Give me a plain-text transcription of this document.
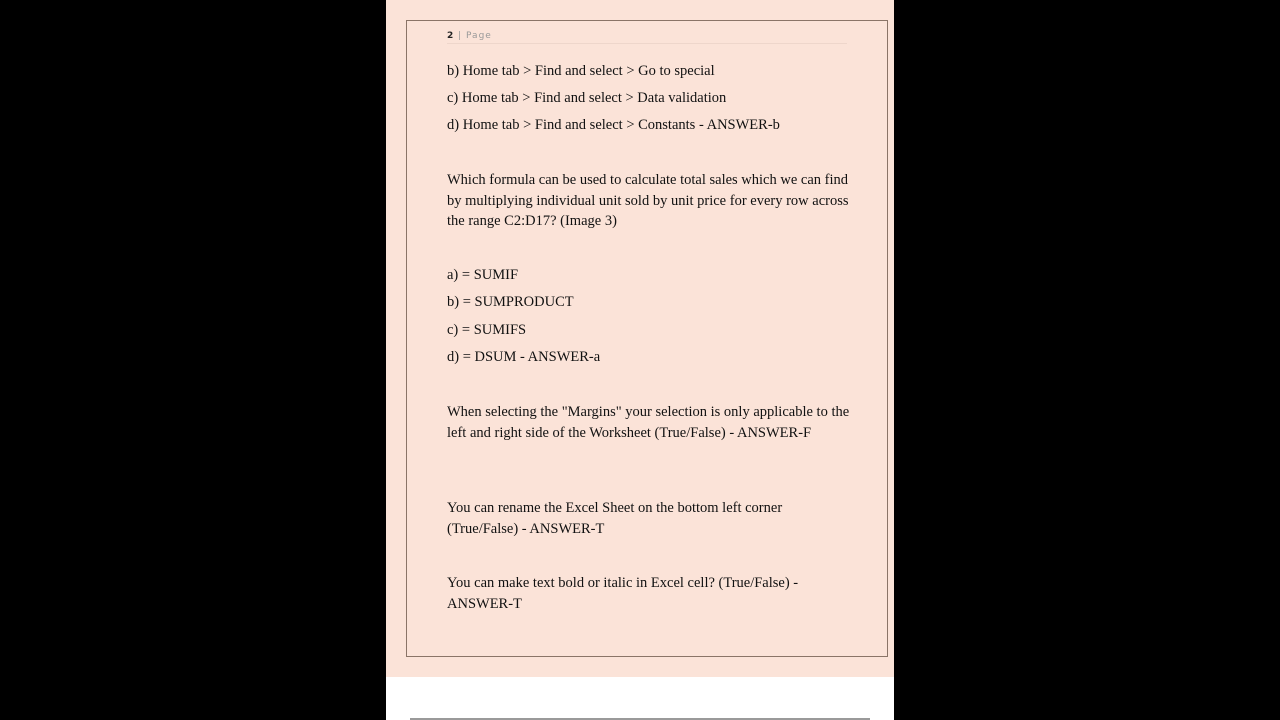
2 | Page
b) Home tab > Find and select > Go to special
c) Home tab > Find and select > Data validation
d) Home tab > Find and select > Constants - ANSWER-b
Which formula can be used to calculate total sales which we can find by multiplying individual unit sold by unit price for every row across the range C2:D17? (Image 3)
a) = SUMIF
b) = SUMPRODUCT
c) = SUMIFS
d) = DSUM - ANSWER-a
When selecting the "Margins" your selection is only applicable to the left and right side of the Worksheet (True/False) - ANSWER-F
You can rename the Excel Sheet on the bottom left corner (True/False) - ANSWER-T
You can make text bold or italic in Excel cell? (True/False) - ANSWER-T
